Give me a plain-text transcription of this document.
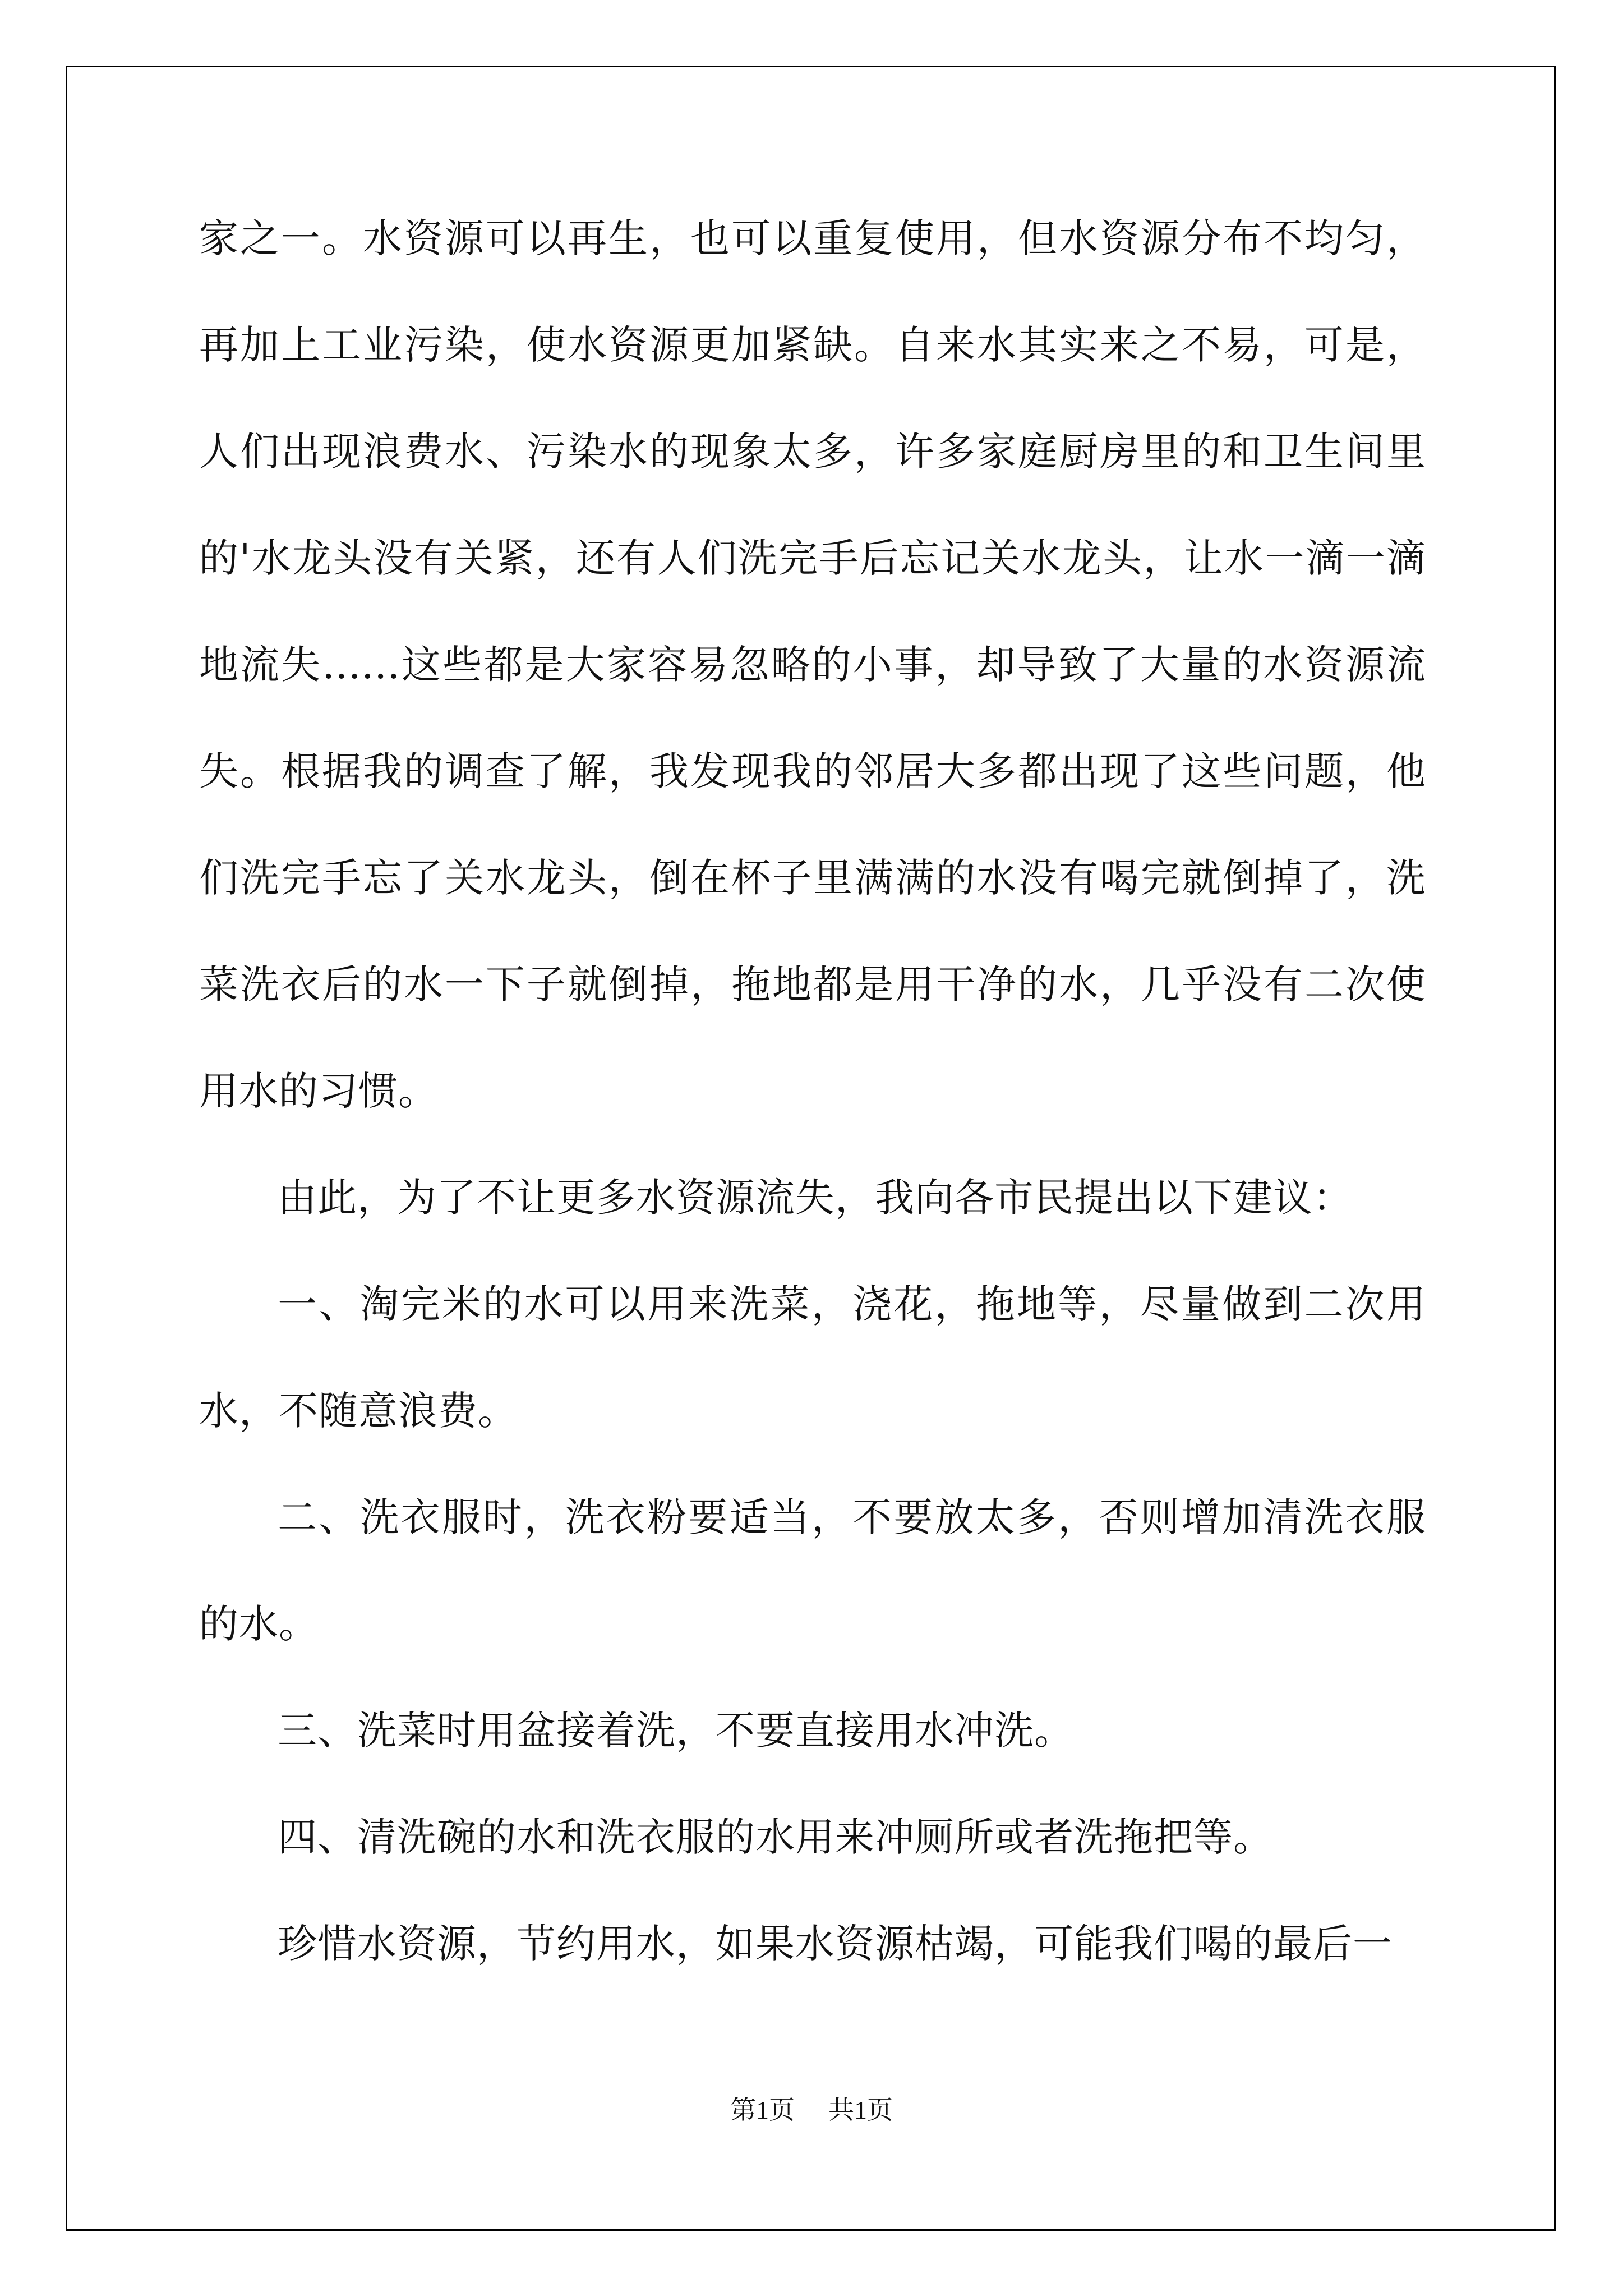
家之一。水资源可以再生，也可以重复使用，但水资源分布不均匀，再加上工业污染，使水资源更加紧缺。自来水其实来之不易，可是，人们出现浪费水、污染水的现象太多，许多家庭厨房里的和卫生间里的'水龙头没有关紧，还有人们洗完手后忘记关水龙头，让水一滴一滴地流失......这些都是大家容易忽略的小事，却导致了大量的水资源流失。根据我的调查了解，我发现我的邻居大多都出现了这些问题，他们洗完手忘了关水龙头，倒在杯子里满满的水没有喝完就倒掉了，洗菜洗衣后的水一下子就倒掉，拖地都是用干净的水，几乎没有二次使用水的习惯。

由此，为了不让更多水资源流失，我向各市民提出以下建议：

一、淘完米的水可以用来洗菜，浇花，拖地等，尽量做到二次用水，不随意浪费。

二、洗衣服时，洗衣粉要适当，不要放太多，否则增加清洗衣服的水。

三、洗菜时用盆接着洗，不要直接用水冲洗。

四、清洗碗的水和洗衣服的水用来冲厕所或者洗拖把等。

珍惜水资源，节约用水，如果水资源枯竭，可能我们喝的最后一

第1页 共1页
